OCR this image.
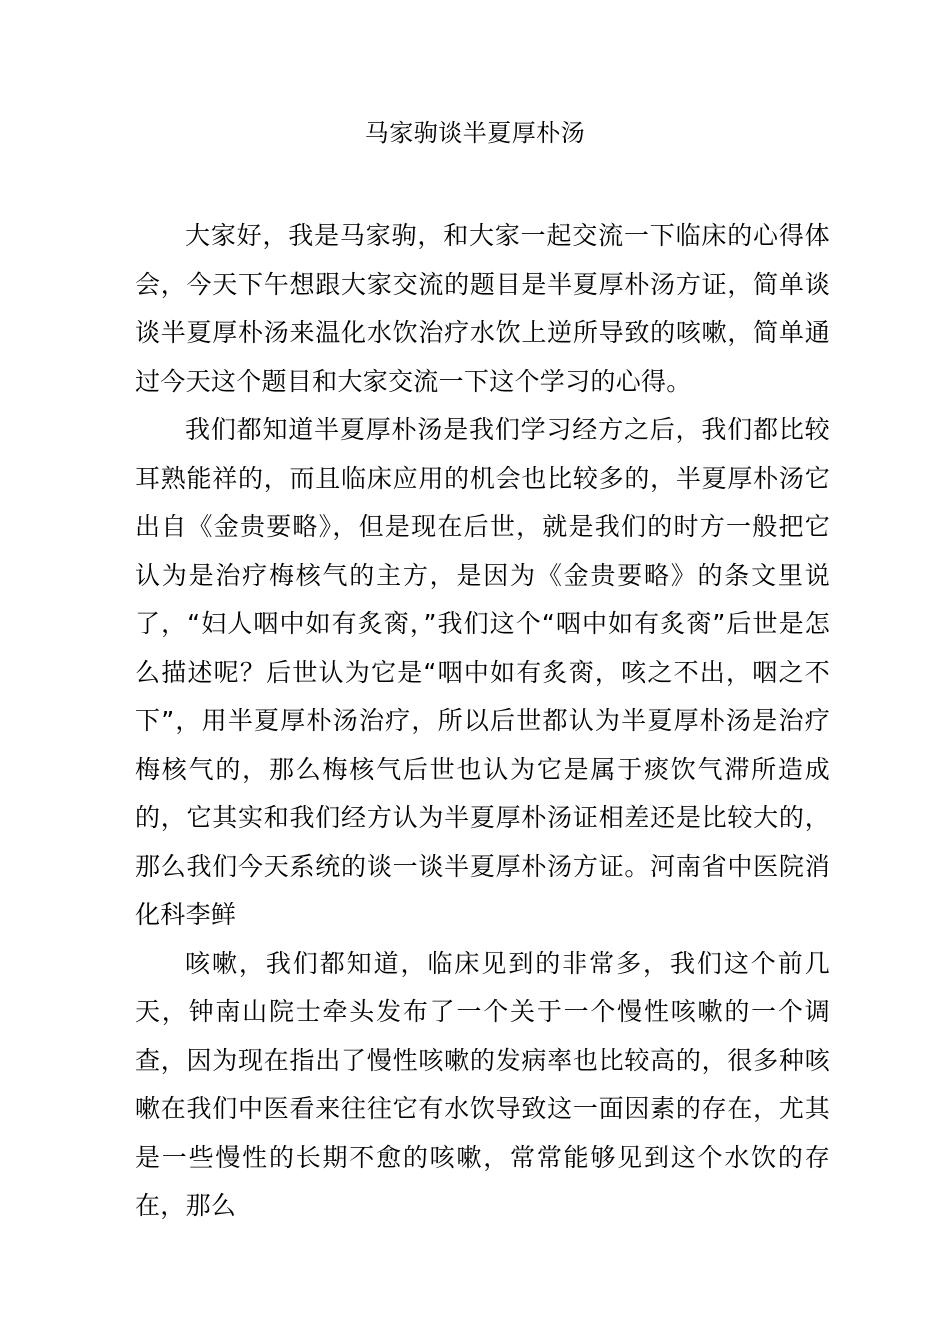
马家驹谈半夏厚朴汤

大家好，我是马家驹，和大家一起交流一下临床的心得体会，今天下午想跟大家交流的题目是半夏厚朴汤方证，简单谈谈半夏厚朴汤来温化水饮治疗水饮上逆所导致的咳嗽，简单通过今天这个题目和大家交流一下这个学习的心得。

我们都知道半夏厚朴汤是我们学习经方之后，我们都比较耳熟能祥的，而且临床应用的机会也比较多的，半夏厚朴汤它出自《金贵要略》，但是现在后世，就是我们的时方一般把它认为是治疗梅核气的主方，是因为《金贵要略》的条文里说了，“妇人咽中如有炙脔，”我们这个“咽中如有炙脔”后世是怎么描述呢？后世认为它是“咽中如有炙脔，咳之不出，咽之不下”，用半夏厚朴汤治疗，所以后世都认为半夏厚朴汤是治疗梅核气的，那么梅核气后世也认为它是属于痰饮气滞所造成的，它其实和我们经方认为半夏厚朴汤证相差还是比较大的，那么我们今天系统的谈一谈半夏厚朴汤方证。河南省中医院消化科李鲜

咳嗽，我们都知道，临床见到的非常多，我们这个前几天，钟南山院士牵头发布了一个关于一个慢性咳嗽的一个调查，因为现在指出了慢性咳嗽的发病率也比较高的，很多种咳嗽在我们中医看来往往它有水饮导致这一面因素的存在，尤其是一些慢性的长期不愈的咳嗽，常常能够见到这个水饮的存在，那么
